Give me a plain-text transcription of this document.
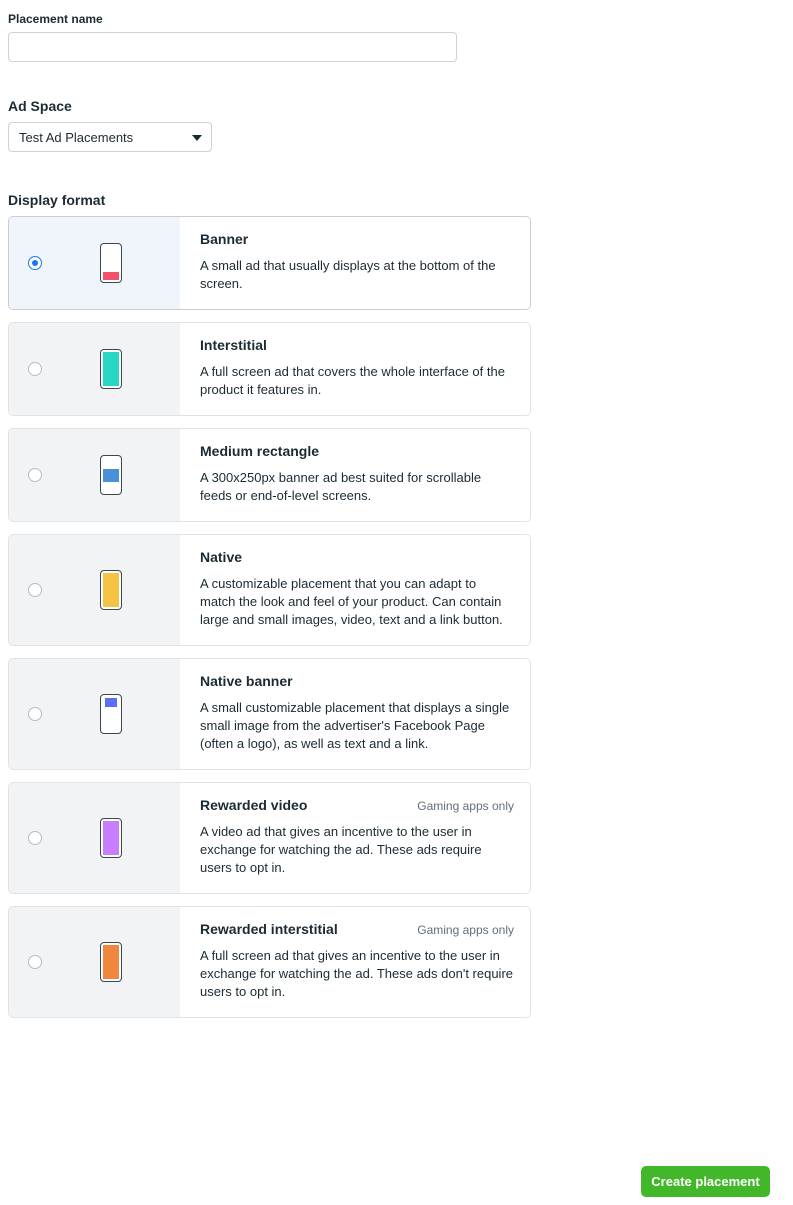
Placement name
Ad Space
Test Ad Placements
Display format
Banner
A small ad that usually displays at the bottom of the screen.
Interstitial
A full screen ad that covers the whole interface of the product it features in.
Medium rectangle
A 300x250px banner ad best suited for scrollable feeds or end-of-level screens.
Native
A customizable placement that you can adapt to match the look and feel of your product. Can contain large and small images, video, text and a link button.
Native banner
A small customizable placement that displays a single small image from the advertiser's Facebook Page (often a logo), as well as text and a link.
Rewarded video	Gaming apps only
A video ad that gives an incentive to the user in exchange for watching the ad. These ads require users to opt in.
Rewarded interstitial	Gaming apps only
A full screen ad that gives an incentive to the user in exchange for watching the ad. These ads don't require users to opt in.
Create placement
